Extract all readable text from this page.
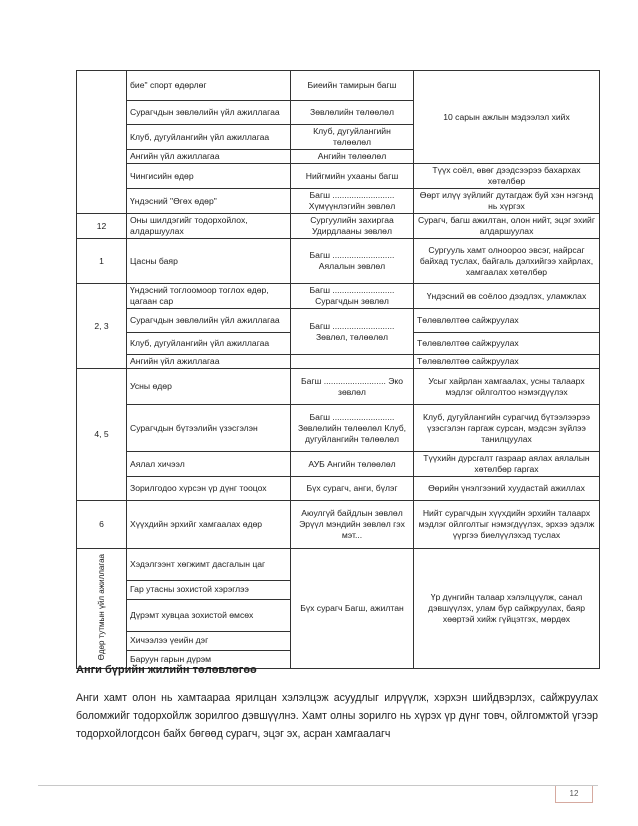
	бие" спорт өдөрлөг	Биеийн тамирын багш	10 сарын ажлын мэдээлэл хийх
	Сурагчдын зөвлөлийн үйл ажиллагаа	Зөвлөлийн төлөөлөл	
	Клуб, дугуйлангийн үйл ажиллагаа	Клуб, дугуйлангийн төлөөлөл	
	Ангийн үйл ажиллагаа	Ангийн төлөөлөл	
	Чингисийн өдөр	Нийгмийн ухааны багш	Түүх соёл, өвөг дээдсээрээ бахархах хөтөлбөр
	Үндэсний "Өгөх өдөр"	Багш .......................... Хүмүүнлэгийн зөвлөл	Өөрт илүү зүйлийг дутагдаж буй хэн нэгэнд нь хүргэх
12	Оны шилдэгийг тодорхойлох, алдаршуулах	Сургуулийн захиргаа Удирдлааны зөвлөл	Сурагч, багш ажилтан, олон нийт, эцэг эхийг алдаршуулах
1	Цасны баяр	Багш .......................... Аялалын зөвлөл	Сургууль хамт олноороо эвсэг, найрсаг байхад туслах, байгаль дэлхийгээ хайрлах, хамгаалах хөтөлбөр
2, 3	Үндэсний тоглоомоор тоглох өдөр, цагаан сар	Багш .......................... Сурагчдын зөвлөл	Үндэсний өв соёлоо дээдлэх, уламжлах
	Сурагчдын зөвлөлийн үйл ажиллагаа	Багш .......................... Зөвлөл, төлөөлөл	Төлөвлөлтөө сайжруулах
	Клуб, дугуйлангийн үйл ажиллагаа		Төлөвлөлтөө сайжруулах
	Ангийн үйл ажиллагаа		Төлөвлөлтөө сайжруулах
4, 5	Усны өдөр	Багш .......................... Эко зөвлөл	Усыг хайрлан хамгаалах, усны талаарх мэдлэг ойлголтоо нэмэгдүүлэх
	Сурагчдын бүтээлийн үзэсгэлэн	Багш .......................... Зөвлөлийн төлөөлөл Клуб, дугуйлангийн төлөөлөл	Клуб, дугуйлангийн сурагчид бүтээлээрээ үзэсгэлэн гаргаж сурсан, мэдсэн зүйлээ танилцуулах
	Аялал хичээл	АУБ Ангийн төлөөлөл	Түүхийн дурсгалт газраар аялах аялалын хөтөлбөр гаргах
	Зорилгодоо хүрсэн үр дүнг тооцох	Бүх сурагч, анги, бүлэг	Өөрийн үнэлгээний хуудастай ажиллах
6	Хүүхдийн эрхийг хамгаалах өдөр	Аюулгүй байдлын зөвлөл Эрүүл мэндийн зөвлөл гэх мэт...	Нийт сурагчдын хүүхдийн эрхийн талаарх мэдлэг ойлголтыг нэмэгдүүлэх, эрхээ эдэлж үүргээ биелүүлэхэд туслах
Өдөр тутмын үйл ажиллагаа	Хэдэлгээнт хөгжимт дасгалын цаг	Бүх сурагч Багш, ажилтан	Үр дүнгийн талаар хэлэлцүүлж, санал дэвшүүлэх, улам бүр сайжруулах, баяр хөөртэй хийж гүйцэтгэх, мөрдөх
	Гар утасны зохистой хэрэглээ		
	Дүрэмт хувцаа зохистой өмсөх		
	Хичээлээ үеийн дэг		
	Баруун гарын дүрэм		
Анги бүрийн жилийн төлөвлөгөө
Анги хамт олон нь хамтаараа ярилцан хэлэлцэж асуудлыг илрүүлж, хэрхэн шийдвэрлэх, сайжруулах боломжийг тодорхойлж зорилгоо дэвшүүлнэ. Хамт олны зорилго нь хүрэх үр дүнг товч, ойлгомжтой үгээр тодорхойлогдсон байх бөгөөд сурагч, эцэг эх, асран хамгаалагч
12
